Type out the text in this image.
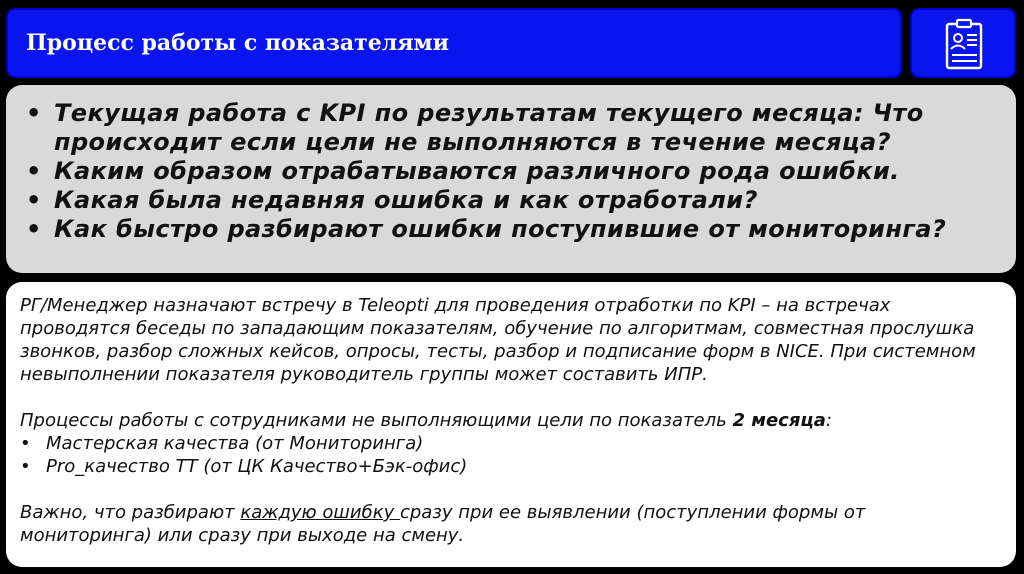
Процесс работы с показателями
• Текущая работа с KPI по результатам текущего месяца: Что происходит если цели не выполняются в течение месяца?
• Каким образом отрабатываются различного рода ошибки.
• Какая была недавняя ошибка и как отработали?
• Как быстро разбирают ошибки поступившие от мониторинга?

РГ/Менеджер назначают встречу в Teleopti для проведения отработки по KPI – на встречах проводятся беседы по западающим показателям, обучение по алгоритмам, совместная прослушка звонков, разбор сложных кейсов, опросы, тесты, разбор и подписание форм в NICE. При системном невыполнении показателя руководитель группы может составить ИПР.

Процессы работы с сотрудниками не выполняющими цели по показатель 2 месяца:

• Мастерская качества (от Мониторинга)
• Pro_качество ТТ (от ЦК Качество+Бэк-офис)

Важно, что разбирают каждую ошибку сразу при ее выявлении (поступлении формы от мониторинга) или сразу при выходе на смену.
